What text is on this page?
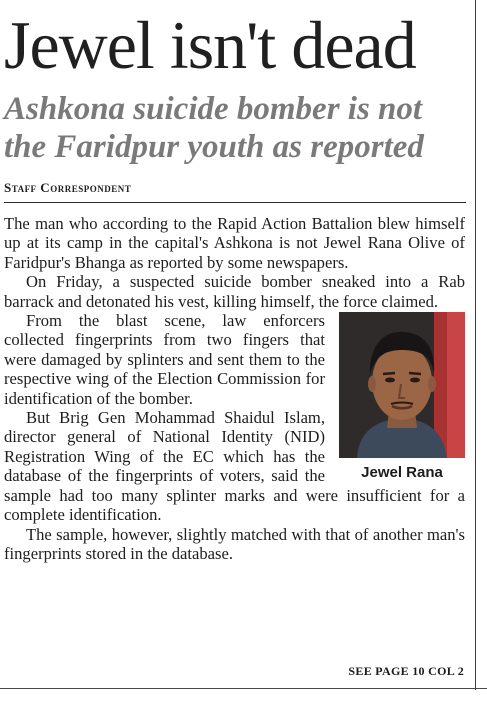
Jewel isn't dead
Ashkona suicide bomber is not the Faridpur youth as reported
Staff Correspondent

The man who according to the Rapid Action Battalion blew himself up at its camp in the capital's Ashkona is not Jewel Rana Olive of Faridpur's Bhanga as reported by some newspapers.

On Friday, a suspected suicide bomber sneaked into a Rab barrack and detonated his vest, killing himself, the force claimed.

Jewel Rana

From the blast scene, law enforcers collected fingerprints from two fingers that were damaged by splinters and sent them to the respective wing of the Election Commission for identification of the bomber.

But Brig Gen Mohammad Shaidul Islam, director general of National Identity (NID) Registration Wing of the EC which has the database of the fingerprints of voters, said the sample had too many splinter marks and were insufficient for a complete identification.

The sample, however, slightly matched with that of another man's fingerprints stored in the database.

SEE PAGE 10 COL 2
